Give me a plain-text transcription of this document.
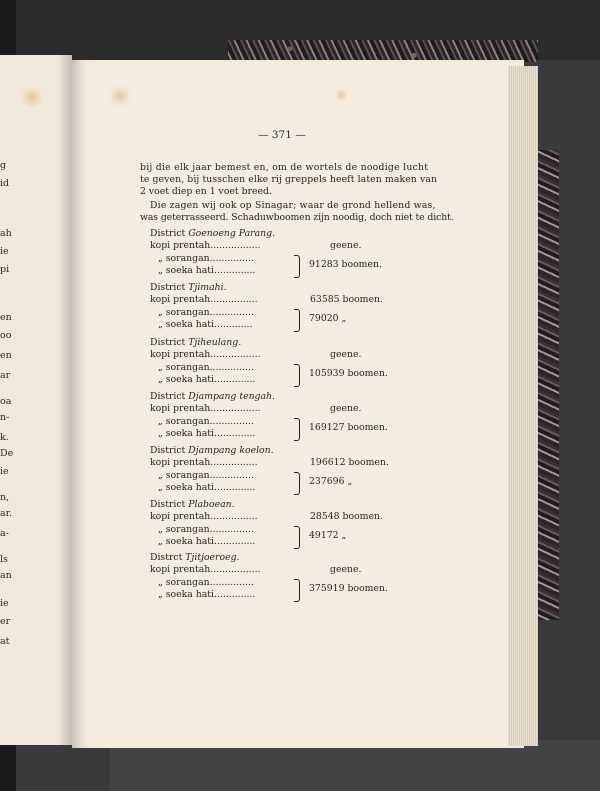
g
id
ah
ie
pi
en
oo
en
ar
oa
n-
k.
De
ie
n,
ar.
a-
ls
an
ie
er
at
— 371 —
bij die elk jaar bemest en, om de wortels de noodige lucht
te geven, bij tusschen elke rij greppels heeft laten maken van
2 voet diep en 1 voet breed.
Die zagen wij ook op Sinagar; waar de grond hellend was,
was geterrasseerd. Schaduwboomen zijn noodig, doch niet te dicht.
District Goenoeng Parang.
kopi prentah.................	geene.
„ sorangan...............
„ soeka hati..............
91283 boomen.
District Tjimahi.
kopi prentah................	63585 boomen.
„ sorangan...............
„ soeka hati.............
79020 „
District Tjiheulang.
kopi prentah.................	geene.
„ sorangan...............
„ soeka hati..............
105939 boomen.
District Djampang tengah.
kopi prentah.................	geene.
„ sorangan...............
„ soeka hati..............
169127 boomen.
District Djampang koelon.
kopi prentah................	196612 boomen.
„ sorangan...............
„ soeka hati..............
237696 „
District Plaboean.
kopi prentah................	28548 boomen.
„ sorangan...............
„ soeka hati..............
49172 „
Distrct Tjitjoeroeg.
kopi prentah.................	geene.
„ sorangan...............
„ soeka hati..............
375919 boomen.
